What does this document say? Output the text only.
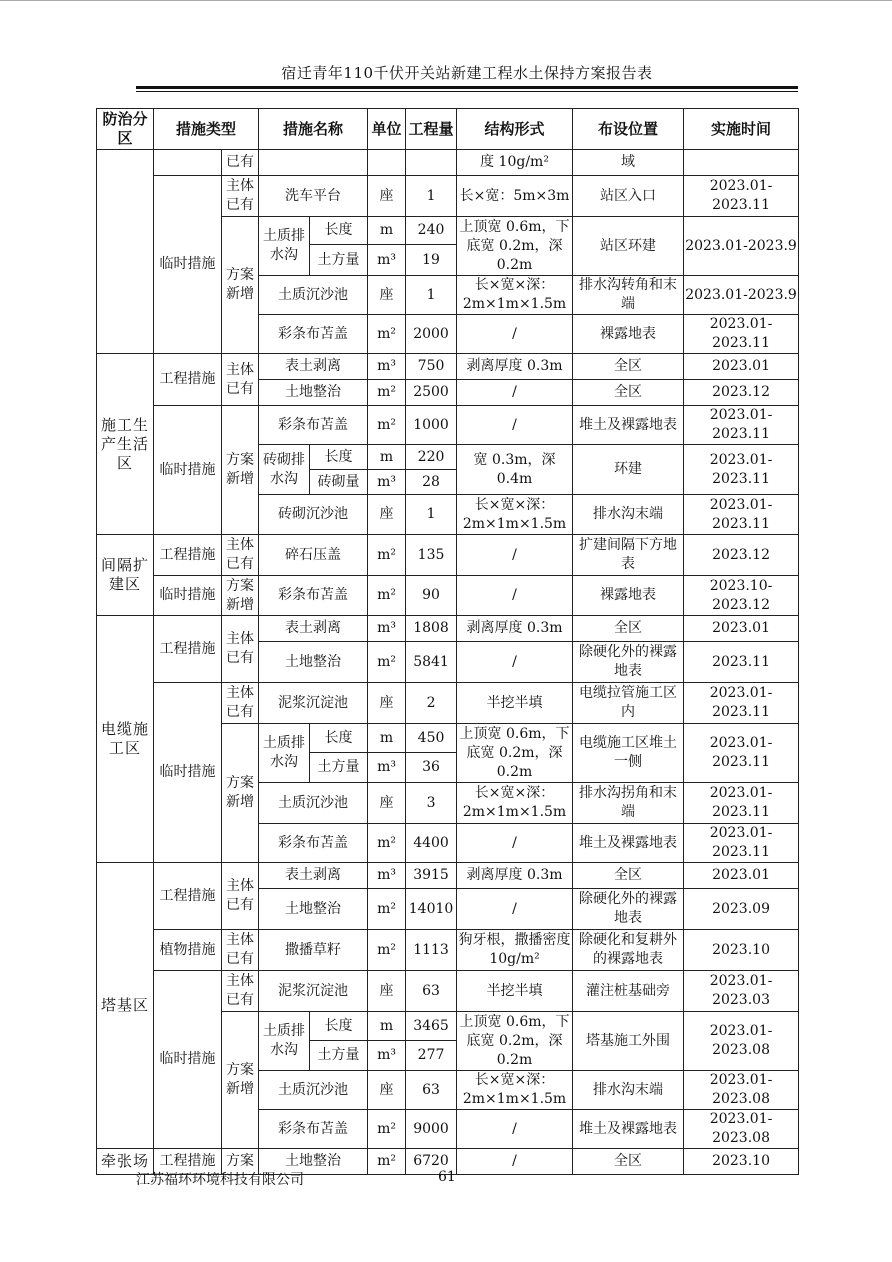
宿迁青年110千伏开关站新建工程水土保持方案报告表
防治分区	措施类型		措施名称		单位	工程量	结构形式	布设位置	实施时间
		已有					度 10g/m²	域	
	临时措施	主体已有	洗车平台		座	1	长×宽：5m×3m	站区入口	2023.01-2023.11
		方案新增	土质排水沟	长度	m	240	上顶宽 0.6m，下底宽 0.2m，深 0.2m	站区环建	2023.01-2023.9
				土方量	m³	19			
			土质沉沙池		座	1	长×宽×深：2m×1m×1.5m	排水沟转角和末端	2023.01-2023.9
			彩条布苫盖		m²	2000	/	裸露地表	2023.01-2023.11

施工生产生活区	工程措施	主体已有	表土剥离		m³	750	剥离厚度 0.3m	全区	2023.01
			土地整治		m²	2500	/	全区	2023.12
	临时措施	方案新增	彩条布苫盖		m²	1000	/	堆土及裸露地表	2023.01-2023.11
			砖砌排水沟	长度	m	220	宽 0.3m，深 0.4m	环建	2023.01-2023.11
				砖砌量	m³	28			
			砖砌沉沙池		座	1	长×宽×深：2m×1m×1.5m	排水沟末端	2023.01-2023.11

间隔扩建区	工程措施	主体已有	碎石压盖		m²	135	/	扩建间隔下方地表	2023.12
	临时措施	方案新增	彩条布苫盖		m²	90	/	裸露地表	2023.10-2023.12
电缆施工区	工程措施	主体已有	表土剥离		m³	1808	剥离厚度 0.3m	全区	2023.01
			土地整治		m²	5841	/	除硬化外的裸露地表	2023.11
	临时措施	主体已有	泥浆沉淀池		座	2	半挖半填	电缆拉管施工区内	2023.01-2023.11
		方案新增	土质排水沟	长度	m	450	上顶宽 0.6m，下底宽 0.2m，深 0.2m	电缆施工区堆土一侧	2023.01-2023.11
				土方量	m³	36			
			土质沉沙池		座	3	长×宽×深：2m×1m×1.5m	排水沟拐角和末端	2023.01-2023.11
			彩条布苫盖		m²	4400	/	堆土及裸露地表	2023.01-2023.11

塔基区	工程措施	主体已有	表土剥离		m³	3915	剥离厚度 0.3m	全区	2023.01
			土地整治		m²	14010	/	除硬化外的裸露地表	2023.09
	植物措施	主体已有	撒播草籽		m²	1113	狗牙根，撒播密度 10g/m²	除硬化和复耕外的裸露地表	2023.10
	临时措施	主体已有	泥浆沉淀池		座	63	半挖半填	灌注桩基础旁	2023.01-2023.03
		方案新增	土质排水沟	长度	m	3465	上顶宽 0.6m，下底宽 0.2m，深 0.2m	塔基施工外围	2023.01-2023.08
				土方量	m³	277			
			土质沉沙池		座	63	长×宽×深：2m×1m×1.5m	排水沟末端	2023.01-2023.08
			彩条布苫盖		m²	9000	/	堆土及裸露地表	2023.01-2023.08

牵张场	工程措施	方案	土地整治		m²	6720	/	全区	2023.10
江苏福环环境科技有限公司	61
